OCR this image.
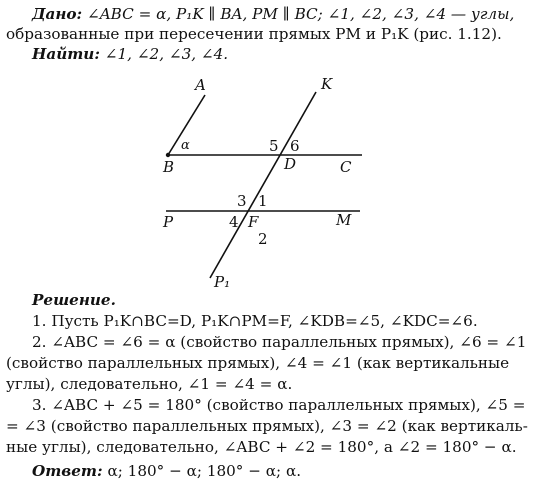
Дано: ∠ABC = α, P₁K ∥ BA, PM ∥ BC; ∠1, ∠2, ∠3, ∠4 — углы,
образованные при пересечении прямых PM и P₁K (рис. 1.12).
Найти: ∠1, ∠2, ∠3, ∠4.
A	K
α	5 6
B	D	C
3 1
P	4 F	M
2
P₁
Решение.
1. Пусть P₁K∩BC=D, P₁K∩PM=F, ∠KDB=∠5, ∠KDC=∠6.
2. ∠ABC = ∠6 = α (свойство параллельных прямых), ∠6 = ∠1
(свойство параллельных прямых), ∠4 = ∠1 (как вертикальные
углы), следовательно, ∠1 = ∠4 = α.
3. ∠ABC + ∠5 = 180° (свойство параллельных прямых), ∠5 =
= ∠3 (свойство параллельных прямых), ∠3 = ∠2 (как вертикаль-
ные углы), следовательно, ∠ABC + ∠2 = 180°, а ∠2 = 180° − α.
Ответ: α; 180° − α; 180° − α; α.
